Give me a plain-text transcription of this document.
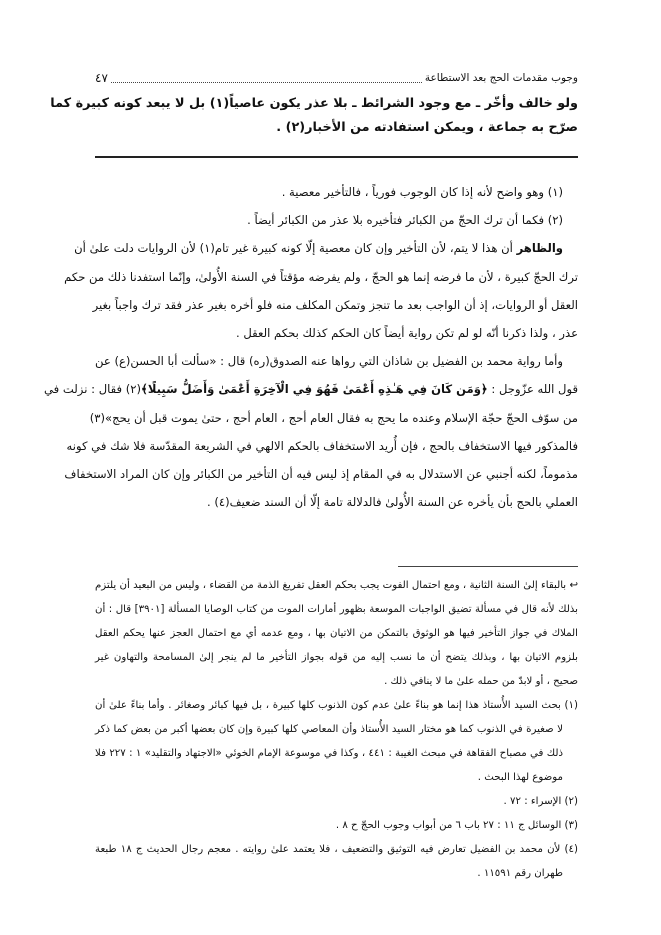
وجوب مقدمات الحج بعد الاستطاعة
٤٧
ولو خالف وأخّر ـ مع وجود الشرائط ـ بلا عذر يكون عاصياً(١) بل لا يبعد كونه كبيرة كما
صرّح به جماعة ، ويمكن استفادته من الأخبار(٢) .
(١) وهو واضح لأنه إذا كان الوجوب فورياً ، فالتأخير معصية .
(٢) فكما أن ترك الحجّ من الكبائر فتأخيره بلا عذر من الكبائر أيضاً .
والظاهر أن هذا لا يتم، لأن التأخير وإن كان معصية إلّا كونه كبيرة غير تام(١) لأن الروايات دلت علىٰ أن
ترك الحجّ كبيرة ، لأن ما فرضه إنما هو الحجّ ، ولم يفرضه مؤقتاً في السنة الأُولىٰ، وإنّما استفدنا ذلك من حكم
العقل أو الروايات، إذ أن الواجب بعد ما تنجز وتمكن المكلف منه فلو أخره بغير عذر فقد ترك واجباً بغير
عذر ، ولذا ذكرنا أنّه لو لم تكن رواية أيضاً كان الحكم كذلك بحكم العقل .
وأما رواية محمد بن الفضيل بن شاذان التي رواها عنه الصدوق(ره) قال : «سألت أبا الحسن(ع) عن
قول الله عزّوجل : ﴿وَمَن كَانَ فِي هَـٰذِهِ أَعْمَىٰ فَهُوَ فِي الْآخِرَةِ أَعْمَىٰ وَأَضَلُّ سَبِيلًا﴾(٢) فقال : نزلت في
من سوّف الحجّ حجّة الإسلام وعنده ما يحج به فقال العام أحج ، العام أحج ، حتىٰ يموت قبل أن يحج»(٣)
فالمذكور فيها الاستخفاف بالحج ، فإن أُريد الاستخفاف بالحكم الالهي في الشريعة المقدّسة فلا شك في كونه
مذموماً، لكنه أجنبي عن الاستدلال به في المقام إذ ليس فيه أن التأخير من الكبائر وإن كان المراد الاستخفاف
العملي بالحج بأن يأخره عن السنة الأُولىٰ فالدلالة تامة إلّا أن السند ضعيف(٤) .
↩ بالبقاء إلىٰ السنة الثانية ، ومع احتمال الفوت يجب بحكم العقل تفريغ الذمة من القضاء ، وليس من البعيد أن يلتزم
بذلك لأنه قال في مسألة تضيق الواجبات الموسعة بظهور أمارات الموت من كتاب الوصايا المسألة [٣٩٠١] قال : أن
الملاك في جواز التأخير فيها هو الوثوق بالتمكن من الاتيان بها ، ومع عدمه أي مع احتمال العجز عنها يحكم العقل
بلزوم الاتيان بها ، وبذلك يتضح أن ما نسب إليه من قوله بجواز التأخير ما لم ينجر إلىٰ المسامحة والتهاون غير
صحيح ، أو لابدّ من حمله علىٰ ما لا ينافي ذلك .
(١) بحث السيد الأُستاذ هذا إنما هو بناءً علىٰ عدم كون الذنوب كلها كبيرة ، بل فيها كبائر وصغائر . وأما بناءً علىٰ أن
لا صغيرة في الذنوب كما هو مختار السيد الأُستاذ وأن المعاصي كلها كبيرة وإن كان بعضها أكبر من بعض كما ذكر
ذلك في مصباح الفقاهة في مبحث الغيبة : ٤٤١ ، وكذا في موسوعة الإمام الخوئي «الاجتهاد والتقليد» ١ : ٢٢٧ فلا
موضوع لهذا البحث .
(٢) الإسراء : ٧٢ .
(٣) الوسائل ج ١١ : ٢٧ باب ٦ من أبواب وجوب الحجّ ح ٨ .
(٤) لأن محمد بن الفضيل تعارض فيه التوثيق والتضعيف ، فلا يعتمد علىٰ روايته . معجم رجال الحديث ج ١٨ طبعة
طهران رقم ١١٥٩١ .
